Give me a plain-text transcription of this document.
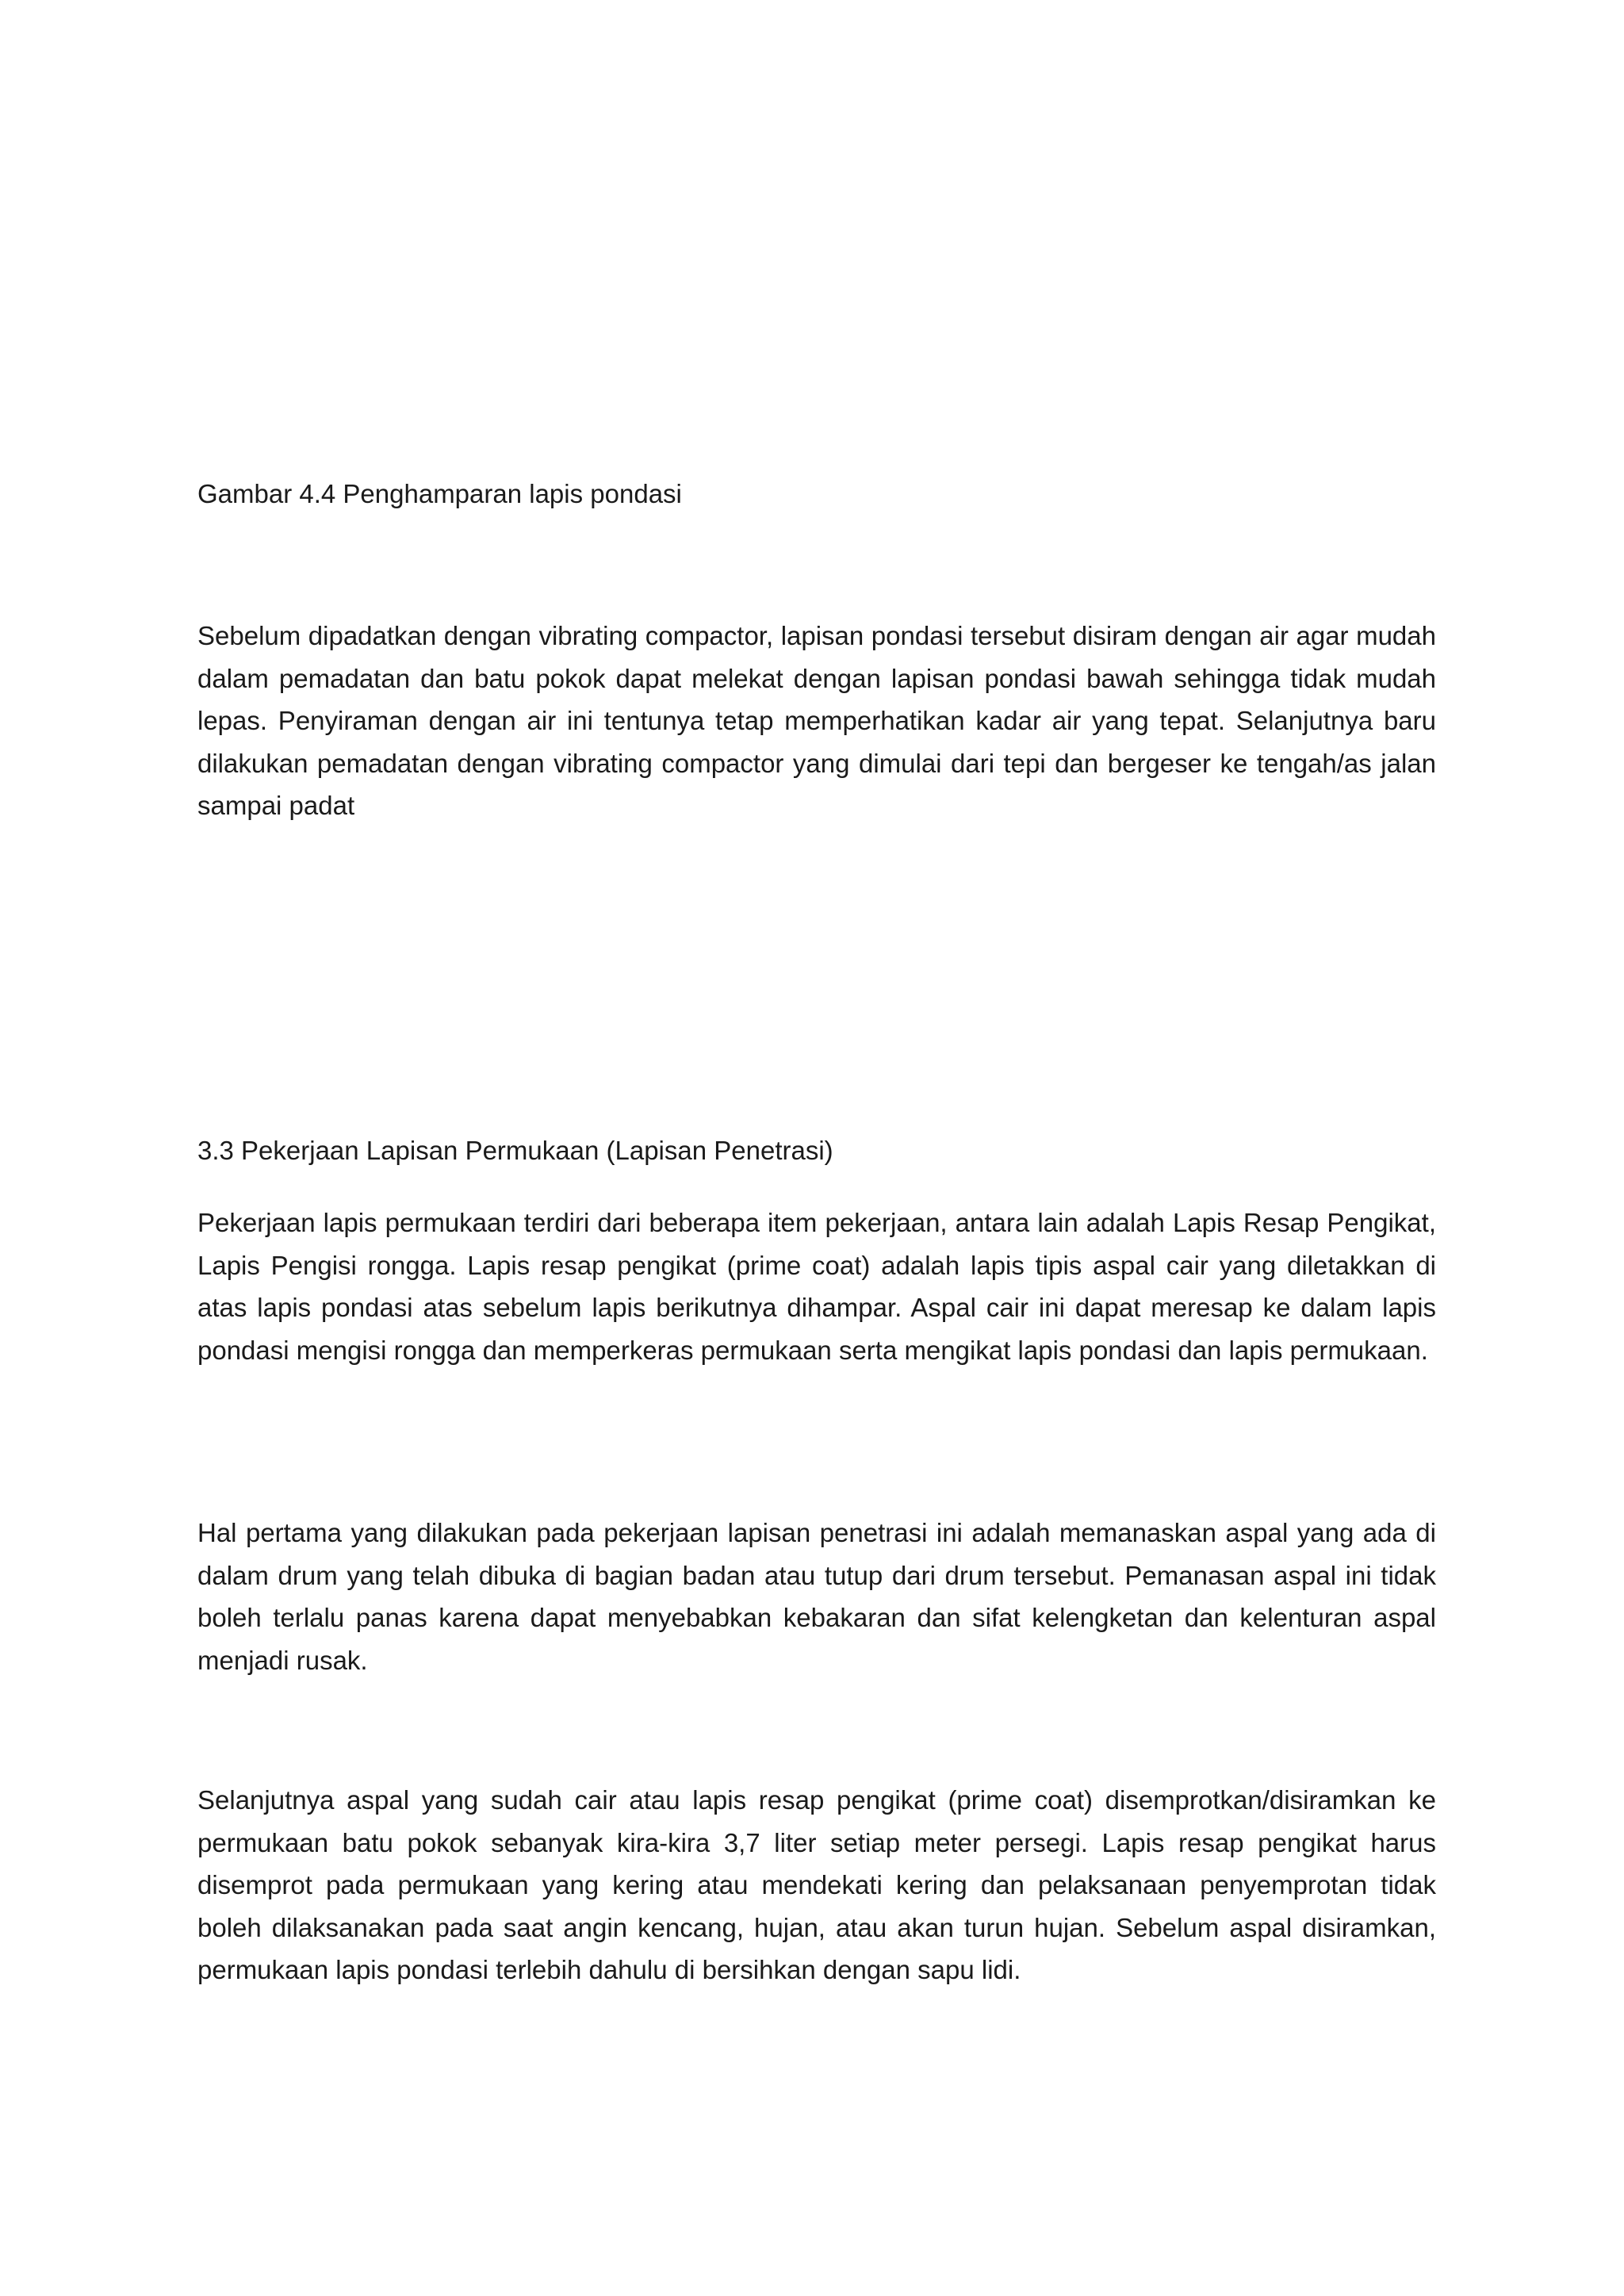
Gambar 4.4 Penghamparan lapis pondasi

Sebelum dipadatkan dengan vibrating compactor, lapisan pondasi tersebut disiram dengan air agar mudah dalam pemadatan dan batu pokok dapat melekat dengan lapisan pondasi bawah sehingga tidak mudah lepas. Penyiraman dengan air ini tentunya tetap memperhatikan kadar air yang tepat. Selanjutnya baru dilakukan pemadatan dengan vibrating compactor yang dimulai dari tepi dan bergeser ke tengah/as jalan sampai padat

3.3 Pekerjaan Lapisan Permukaan (Lapisan Penetrasi)

Pekerjaan lapis permukaan terdiri dari beberapa item pekerjaan, antara lain adalah Lapis Resap Pengikat, Lapis Pengisi rongga. Lapis resap pengikat (prime coat) adalah lapis tipis aspal cair yang diletakkan di atas lapis pondasi atas sebelum lapis berikutnya dihampar. Aspal cair ini dapat meresap ke dalam lapis pondasi mengisi rongga dan memperkeras permukaan serta mengikat lapis pondasi dan lapis permukaan.

Hal pertama yang dilakukan pada pekerjaan lapisan penetrasi ini adalah memanaskan aspal yang ada di dalam drum yang telah dibuka di bagian badan atau tutup dari drum tersebut. Pemanasan aspal ini tidak boleh terlalu panas karena dapat menyebabkan kebakaran dan sifat kelengketan dan kelenturan aspal menjadi rusak.

Selanjutnya aspal yang sudah cair atau lapis resap pengikat (prime coat) disemprotkan/disiramkan ke permukaan batu pokok sebanyak kira-kira 3,7 liter setiap meter persegi. Lapis resap pengikat harus disemprot pada permukaan yang kering atau mendekati kering dan pelaksanaan penyemprotan tidak boleh dilaksanakan pada saat angin kencang, hujan, atau akan turun hujan. Sebelum aspal disiramkan, permukaan lapis pondasi terlebih dahulu di bersihkan dengan sapu lidi.
